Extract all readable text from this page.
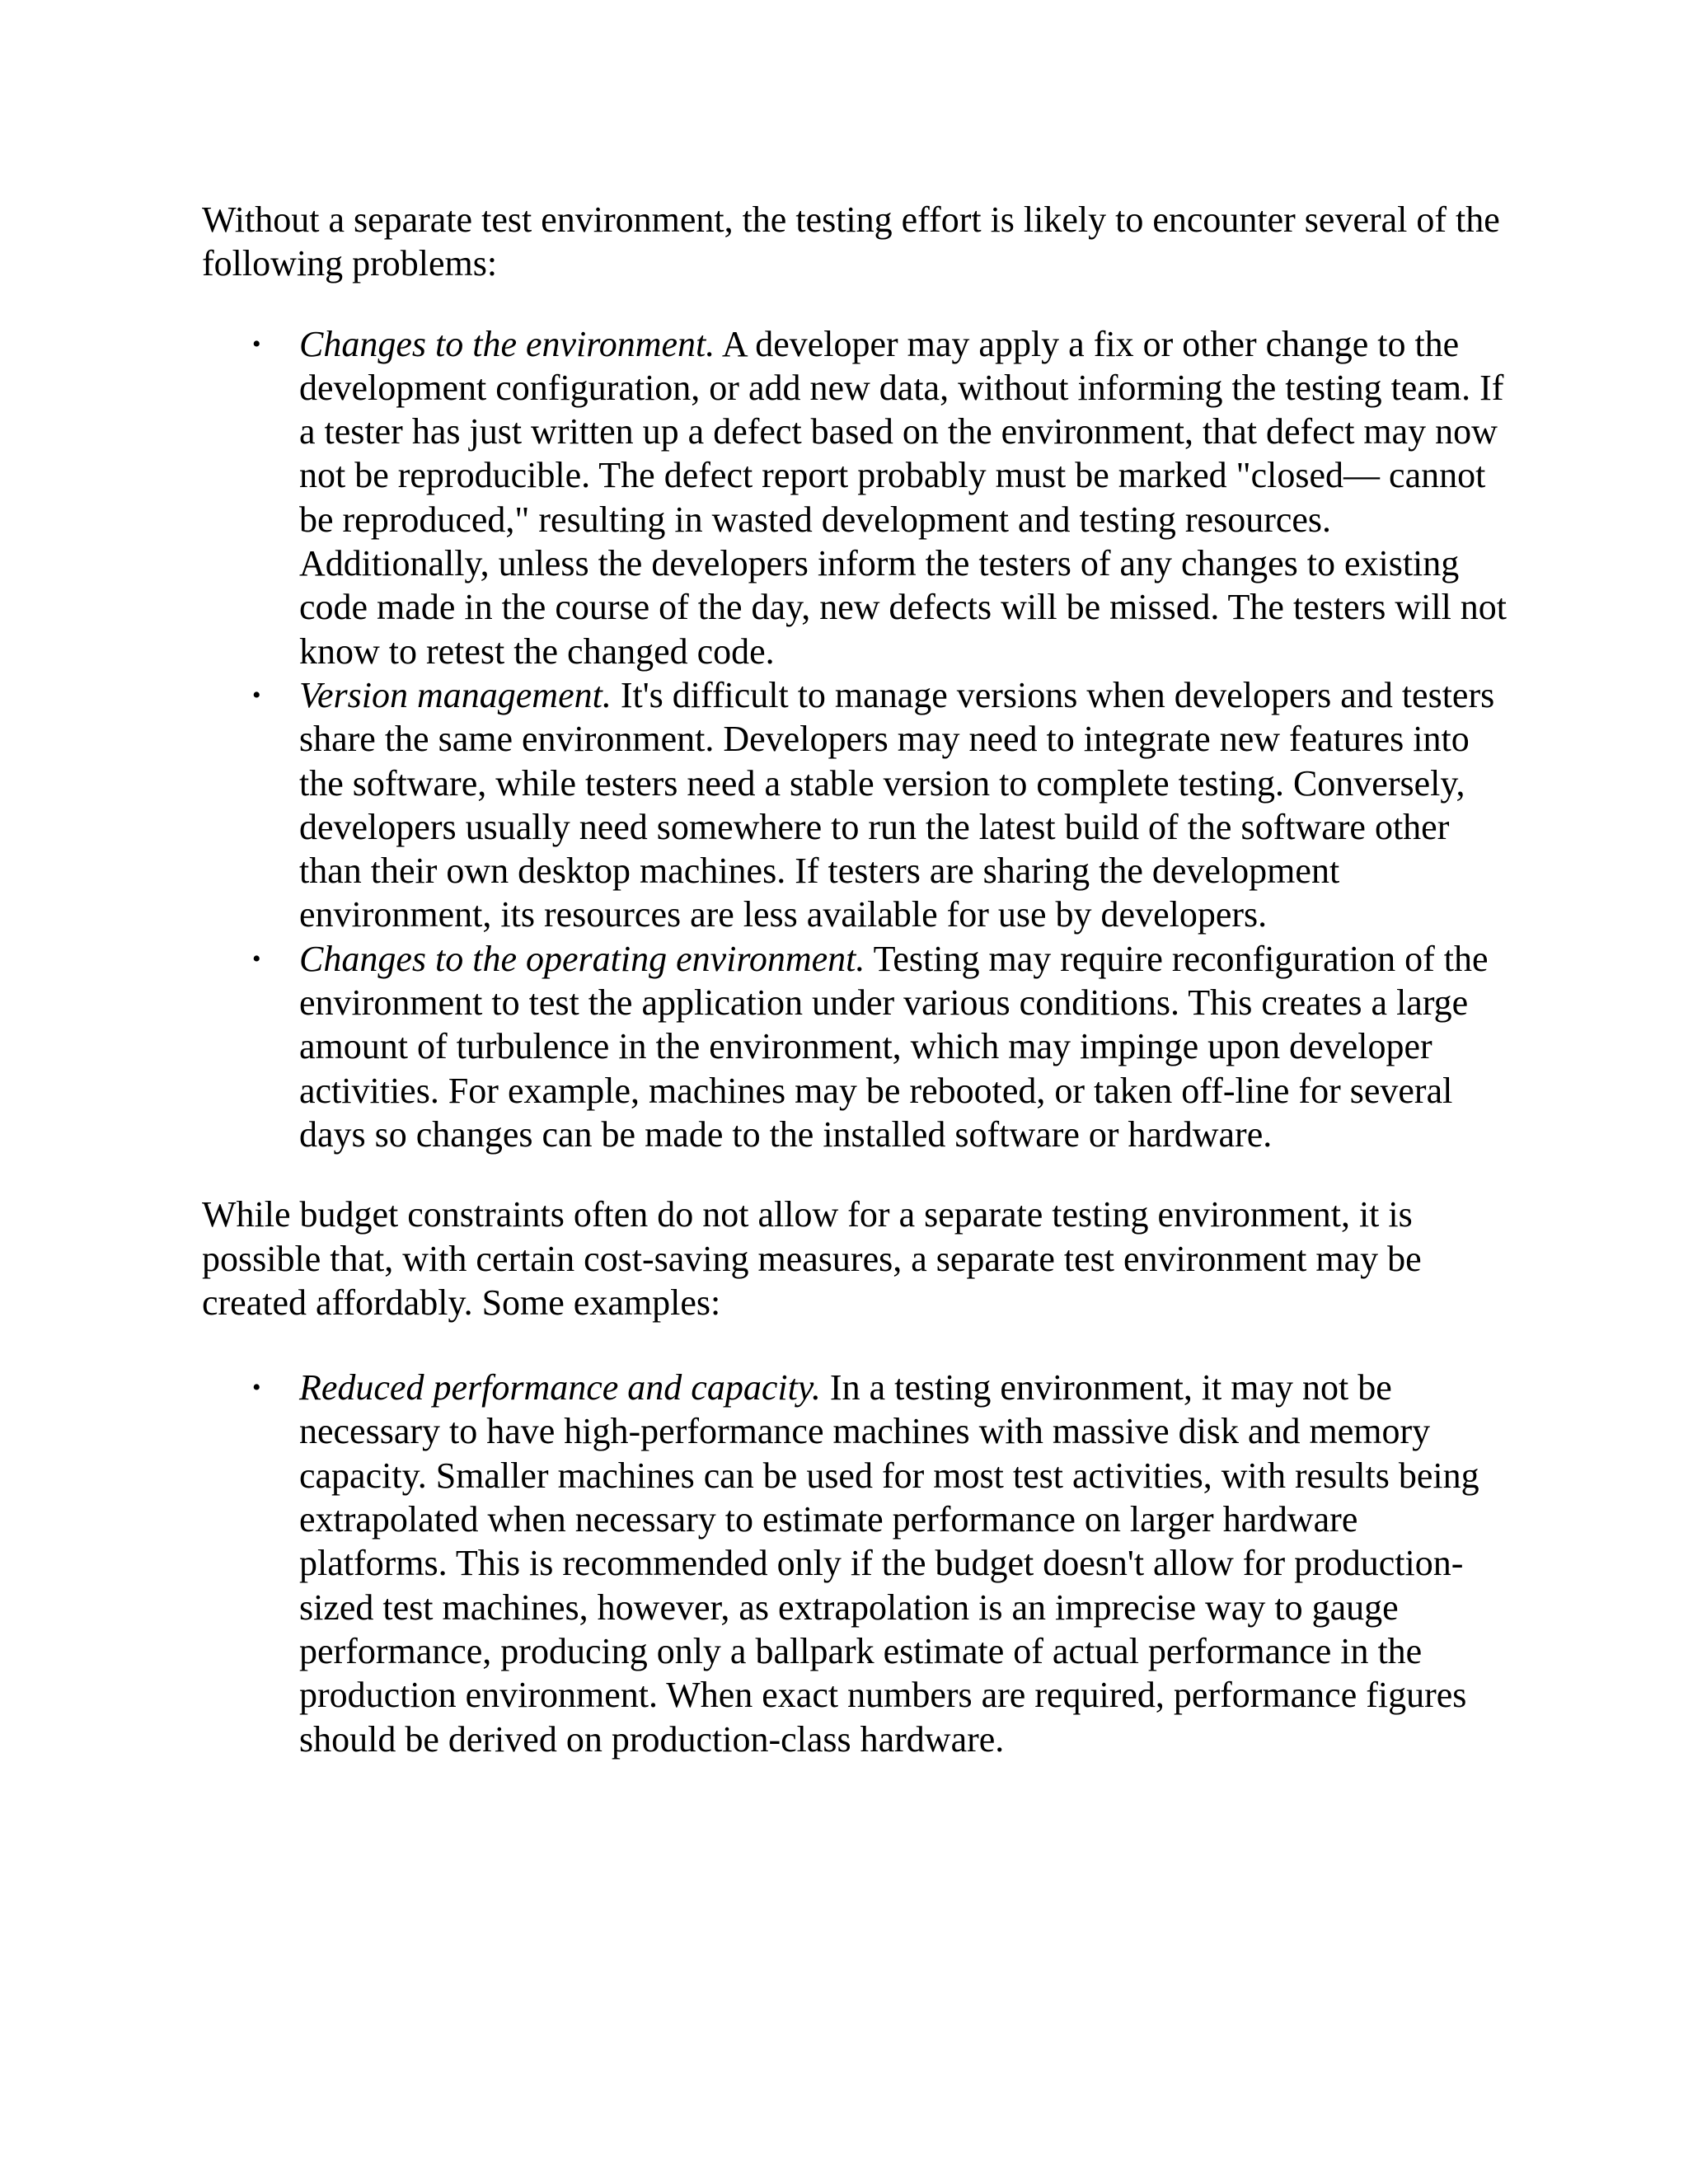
Without a separate test environment, the testing effort is likely to encounter several of the following problems:

• Changes to the environment. A developer may apply a fix or other change to the development configuration, or add new data, without informing the testing team. If a tester has just written up a defect based on the environment, that defect may now not be reproducible. The defect report probably must be marked "closed— cannot be reproduced," resulting in wasted development and testing resources. Additionally, unless the developers inform the testers of any changes to existing code made in the course of the day, new defects will be missed. The testers will not know to retest the changed code.
• Version management. It's difficult to manage versions when developers and testers share the same environment. Developers may need to integrate new features into the software, while testers need a stable version to complete testing. Conversely, developers usually need somewhere to run the latest build of the software other than their own desktop machines. If testers are sharing the development environment, its resources are less available for use by developers.
• Changes to the operating environment. Testing may require reconfiguration of the environment to test the application under various conditions. This creates a large amount of turbulence in the environment, which may impinge upon developer activities. For example, machines may be rebooted, or taken off-line for several days so changes can be made to the installed software or hardware.

While budget constraints often do not allow for a separate testing environment, it is possible that, with certain cost-saving measures, a separate test environment may be created affordably. Some examples:

• Reduced performance and capacity. In a testing environment, it may not be necessary to have high-performance machines with massive disk and memory capacity. Smaller machines can be used for most test activities, with results being extrapolated when necessary to estimate performance on larger hardware platforms. This is recommended only if the budget doesn't allow for production-sized test machines, however, as extrapolation is an imprecise way to gauge performance, producing only a ballpark estimate of actual performance in the production environment. When exact numbers are required, performance figures should be derived on production-class hardware.
